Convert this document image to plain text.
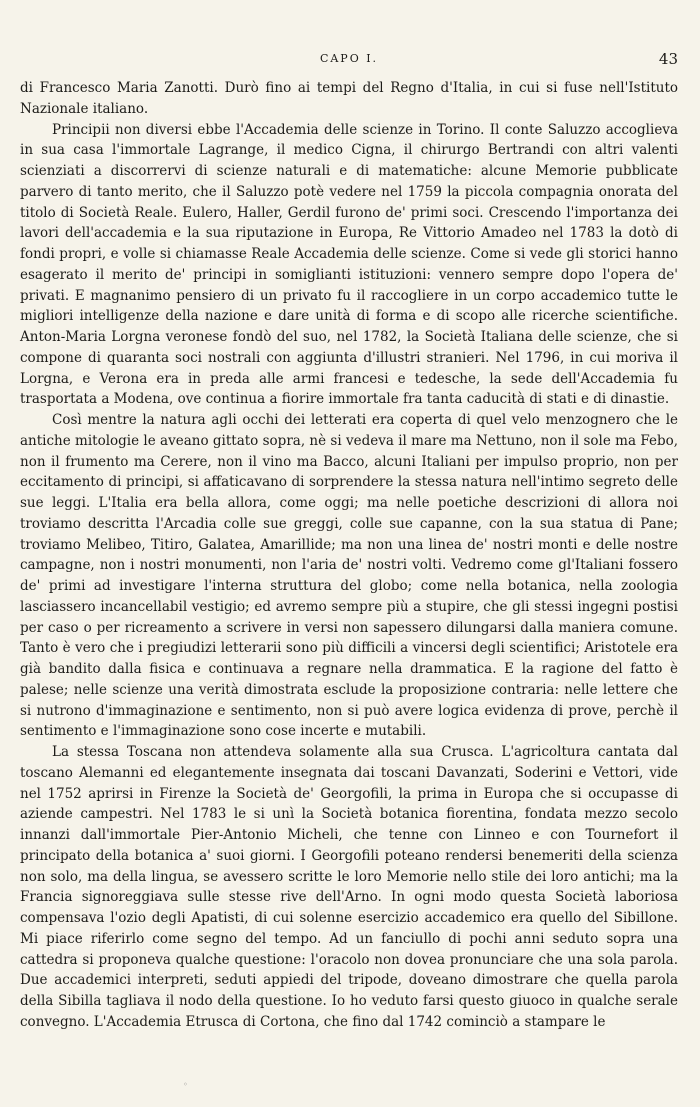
CAPO I.	43

di Francesco Maria Zanotti. Durò fino ai tempi del Regno d'Italia, in cui si fuse nell'Istituto Nazionale italiano.

Principii non diversi ebbe l'Accademia delle scienze in Torino. Il conte Saluzzo accoglieva in sua casa l'immortale Lagrange, il medico Cigna, il chirurgo Bertrandi con altri valenti scienziati a discorrervi di scienze naturali e di matematiche: alcune Memorie pubblicate parvero di tanto merito, che il Saluzzo potè vedere nel 1759 la piccola compagnia onorata del titolo di Società Reale. Eulero, Haller, Gerdil furono de' primi soci. Crescendo l'importanza dei lavori dell'accademia e la sua riputazione in Europa, Re Vittorio Amadeo nel 1783 la dotò di fondi propri, e volle si chiamasse Reale Accademia delle scienze. Come si vede gli storici hanno esagerato il merito de' principi in somiglianti istituzioni: vennero sempre dopo l'opera de' privati. E magnanimo pensiero di un privato fu il raccogliere in un corpo accademico tutte le migliori intelligenze della nazione e dare unità di forma e di scopo alle ricerche scientifiche. Anton-Maria Lorgna veronese fondò del suo, nel 1782, la Società Italiana delle scienze, che si compone di quaranta soci nostrali con aggiunta d'illustri stranieri. Nel 1796, in cui moriva il Lorgna, e Verona era in preda alle armi francesi e tedesche, la sede dell'Accademia fu trasportata a Modena, ove continua a fiorire immortale fra tanta caducità di stati e di dinastie.

Così mentre la natura agli occhi dei letterati era coperta di quel velo menzognero che le antiche mitologie le aveano gittato sopra, nè si vedeva il mare ma Nettuno, non il sole ma Febo, non il frumento ma Cerere, non il vino ma Bacco, alcuni Italiani per impulso proprio, non per eccitamento di principi, si affaticavano di sorprendere la stessa natura nell'intimo segreto delle sue leggi. L'Italia era bella allora, come oggi; ma nelle poetiche descrizioni di allora noi troviamo descritta l'Arcadia colle sue greggi, colle sue capanne, con la sua statua di Pane; troviamo Melibeo, Titiro, Galatea, Amarillide; ma non una linea de' nostri monti e delle nostre campagne, non i nostri monumenti, non l'aria de' nostri volti. Vedremo come gl'Italiani fossero de' primi ad investigare l'interna struttura del globo; come nella botanica, nella zoologia lasciassero incancellabil vestigio; ed avremo sempre più a stupire, che gli stessi ingegni postisi per caso o per ricreamento a scrivere in versi non sapessero dilungarsi dalla maniera comune. Tanto è vero che i pregiudizi letterarii sono più difficili a vincersi degli scientifici; Aristotele era già bandito dalla fisica e continuava a regnare nella drammatica. E la ragione del fatto è palese; nelle scienze una verità dimostrata esclude la proposizione contraria: nelle lettere che si nutrono d'immaginazione e sentimento, non si può avere logica evidenza di prove, perchè il sentimento e l'immaginazione sono cose incerte e mutabili.

La stessa Toscana non attendeva solamente alla sua Crusca. L'agricoltura cantata dal toscano Alemanni ed elegantemente insegnata dai toscani Davanzati, Soderini e Vettori, vide nel 1752 aprirsi in Firenze la Società de' Georgofili, la prima in Europa che si occupasse di aziende campestri. Nel 1783 le si unì la Società botanica fiorentina, fondata mezzo secolo innanzi dall'immortale Pier-Antonio Micheli, che tenne con Linneo e con Tournefort il principato della botanica a' suoi giorni. I Georgofili poteano rendersi benemeriti della scienza non solo, ma della lingua, se avessero scritte le loro Memorie nello stile dei loro antichi; ma la Francia signoreggiava sulle stesse rive dell'Arno. In ogni modo questa Società laboriosa compensava l'ozio degli Apatisti, di cui solenne esercizio accademico era quello del Sibillone. Mi piace riferirlo come segno del tempo. Ad un fanciullo di pochi anni seduto sopra una cattedra si proponeva qualche questione: l'oracolo non dovea pronunciare che una sola parola. Due accademici interpreti, seduti appiedi del tripode, doveano dimostrare che quella parola della Sibilla tagliava il nodo della questione. Io ho veduto farsi questo giuoco in qualche serale convegno. L'Accademia Etrusca di Cortona, che fino dal 1742 cominciò a stampare le

◦
